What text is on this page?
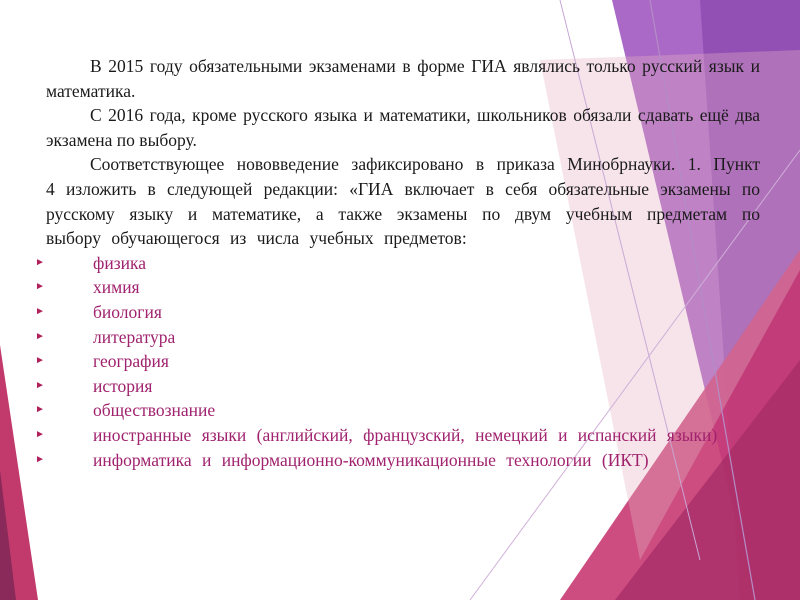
В 2015 году обязательными экзаменами в форме ГИА являлись только русский язык и математика.

С 2016 года, кроме русского языка и математики, школьников обязали сдавать ещё два экзамена по выбору.

Соответствующее нововведение зафиксировано в приказа Минобрнауки. 1. Пункт 4 изложить в следующей редакции: «ГИА включает в себя обязательные экзамены по русскому языку и математике, а также экзамены по двум учебным предметам по выбору обучающегося из числа учебных предметов:

►	физика
►	химия
►	биология
►	литература
►	география
►	история
►	обществознание
►	иностранные языки (английский, французский, немецкий и испанский языки)
►	информатика и информационно-коммуникационные технологии (ИКТ)
